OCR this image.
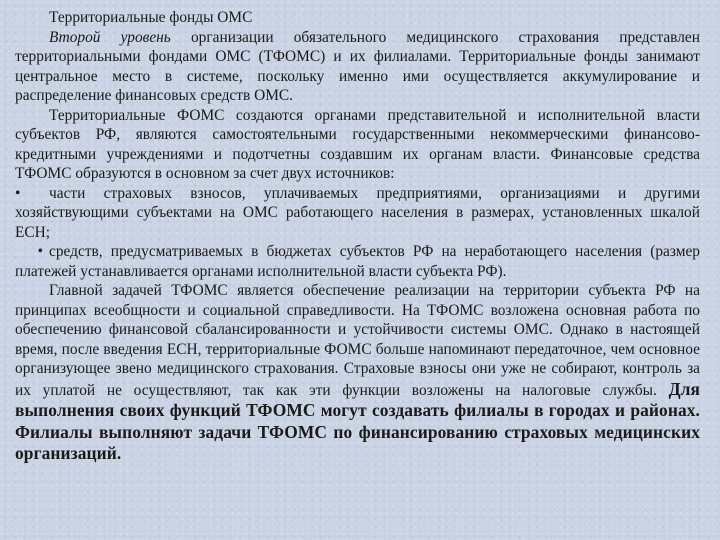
Территориальные фонды ОМС

Второй уровень организации обязательного медицинского страхования представлен территориальными фондами ОМС (ТФОМС) и их филиалами. Территориальные фонды занимают центральное место в системе, поскольку именно ими осуществляется аккумулирование и распределение финансовых средств ОМС.

Территориальные ФОМС создаются органами представительной и исполнительной власти субъектов РФ, являются самостоятельными государственными некоммерческими финансово-кредитными учреждениями и подотчетны создавшим их органам власти. Финансовые средства ТФОМС образуются в основном за счет двух источников:

• части страховых взносов, уплачиваемых предприятиями, организациями и другими хозяйствующими субъектами на ОМС работающего населения в размерах, установленных шкалой ЕСН;

• средств, предусматриваемых в бюджетах субъектов РФ на неработающего населения (размер платежей устанавливается органами исполнительной власти субъекта РФ).

Главной задачей ТФОМС является обеспечение реализации на территории субъекта РФ на принципах всеобщности и социальной справедливости. На ТФОМС возложена основная работа по обеспечению финансовой сбалансированности и устойчивости системы ОМС. Однако в настоящей время, после введения ЕСН, территориальные ФОМС больше напоминают передаточное, чем основное организующее звено медицинского страхования. Страховые взносы они уже не собирают, контроль за их уплатой не осуществляют, так как эти функции возложены на налоговые службы. Для выполнения своих функций ТФОМС могут создавать филиалы в городах и районах. Филиалы выполняют задачи ТФОМС по финансированию страховых медицинских организаций.
